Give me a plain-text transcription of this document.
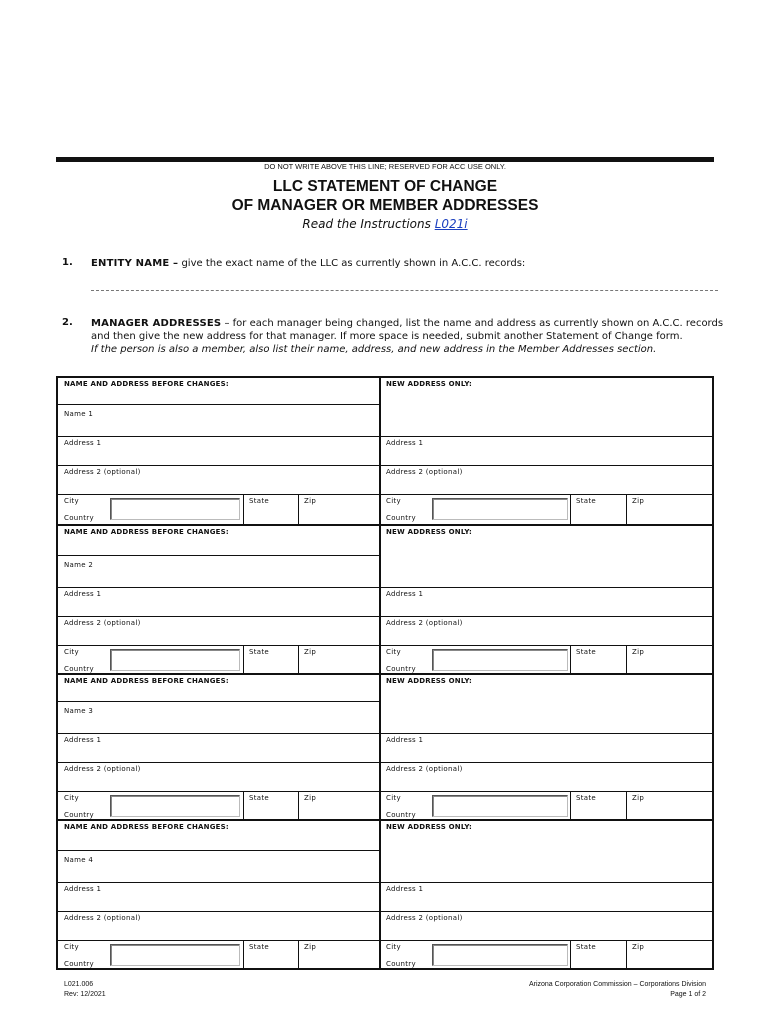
DO NOT WRITE ABOVE THIS LINE; RESERVED FOR ACC USE ONLY.
LLC STATEMENT OF CHANGE
OF MANAGER OR MEMBER ADDRESSES
Read the Instructions L021i
1. ENTITY NAME – give the exact name of the LLC as currently shown in A.C.C. records:
2. MANAGER ADDRESSES – for each manager being changed, list the name and address as currently shown on A.C.C. records
and then give the new address for that manager. If more space is needed, submit another Statement of Change form.
If the person is also a member, also list their name, address, and new address in the Member Addresses section.
NAME AND ADDRESS BEFORE CHANGES:
Name 1
Address 1	Address 1
Address 2 (optional)	Address 2 (optional)
City	State	Zip
Country
NEW ADDRESS ONLY:
City	State	Zip
Country
NAME AND ADDRESS BEFORE CHANGES:
Name 2
Address 1	Address 1
Address 2 (optional)	Address 2 (optional)
City	State	Zip
Country
NEW ADDRESS ONLY:
City	State	Zip
Country
NAME AND ADDRESS BEFORE CHANGES:
Name 3
Address 1	Address 1
Address 2 (optional)	Address 2 (optional)
City	State	Zip
Country
NEW ADDRESS ONLY:
City	State	Zip
Country
NAME AND ADDRESS BEFORE CHANGES:
Name 4
Address 1	Address 1
Address 2 (optional)	Address 2 (optional)
City	State	Zip
Country
NEW ADDRESS ONLY:
City	State	Zip
Country
L021.006
Rev: 12/2021
Arizona Corporation Commission – Corporations Division
Page 1 of 2
